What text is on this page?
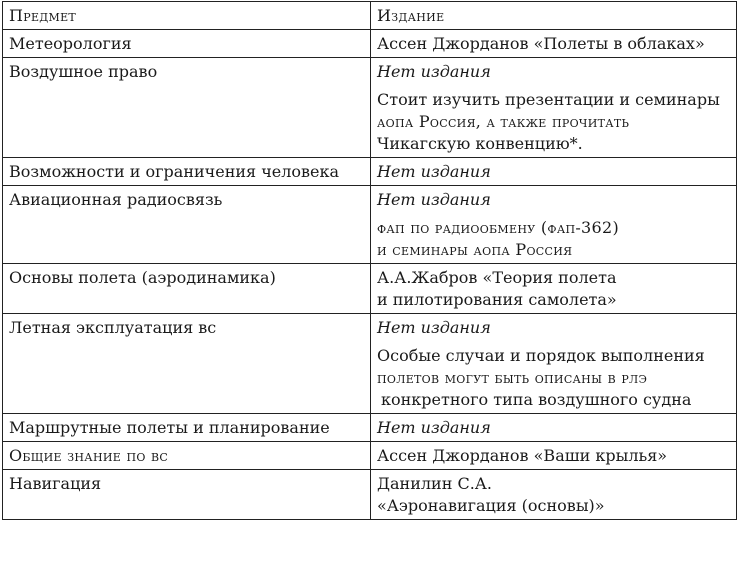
Предмет	Издание
Метеорология	Ассен Джорданов «Полеты в облаках»
Воздушное право	Нет издания
Стоит изучить презентации и семинары
аопа Россия, а также прочитать
Чикагскую конвенцию*.

Возможности и ограничения человека	Нет издания
Авиационная радиосвязь	Нет издания
фап по радиообмену (фап-362)
и семинары аопа Россия

Основы полета (аэродинамика)	А.А.Жабров «Теория полета
и пилотирования самолета»

Летная эксплуатация вс	Нет издания
Особые случаи и порядок выполнения
полетов могут быть описаны в рлэ
конкретного типа воздушного судна

Маршрутные полеты и планирование	Нет издания
Общие знание по вс	Ассен Джорданов «Ваши крылья»
Навигация	Данилин С.А.
«Аэронавигация (основы)»
